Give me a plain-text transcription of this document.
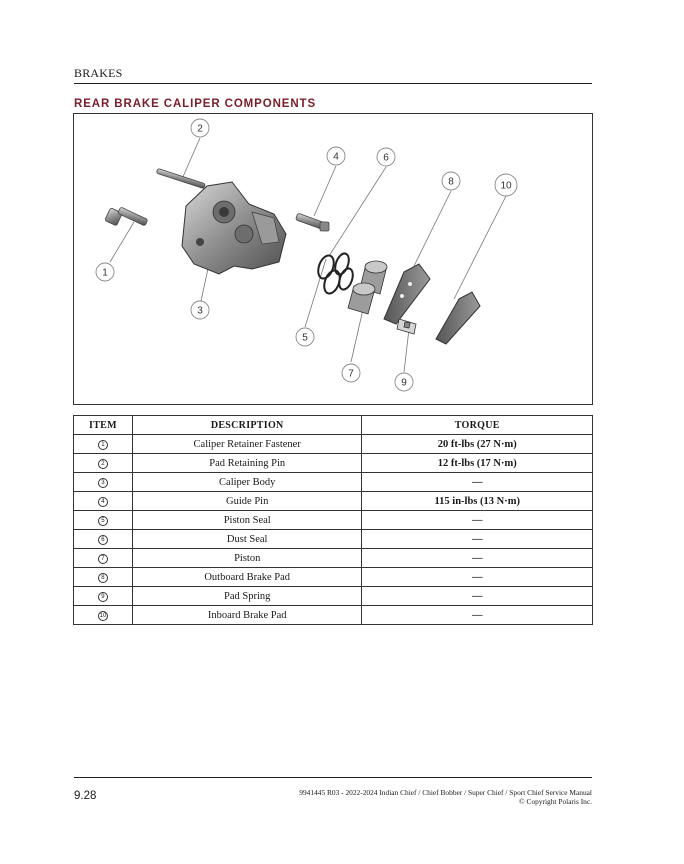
BRAKES
REAR BRAKE CALIPER COMPONENTS
1
2
3
4
5
6
7
8
9
10
ITEM	DESCRIPTION	TORQUE
1	Caliper Retainer Fastener	20 ft-lbs (27 N·m)
2	Pad Retaining Pin	12 ft-lbs (17 N·m)
3	Caliper Body	—
4	Guide Pin	115 in-lbs (13 N·m)
5	Piston Seal	—
6	Dust Seal	—
7	Piston	—
8	Outboard Brake Pad	—
9	Pad Spring	—
10	Inboard Brake Pad	—
9.28	9941445 R03 - 2022-2024 Indian Chief / Chief Bobber / Super Chief / Sport Chief Service Manual
© Copyright Polaris Inc.
